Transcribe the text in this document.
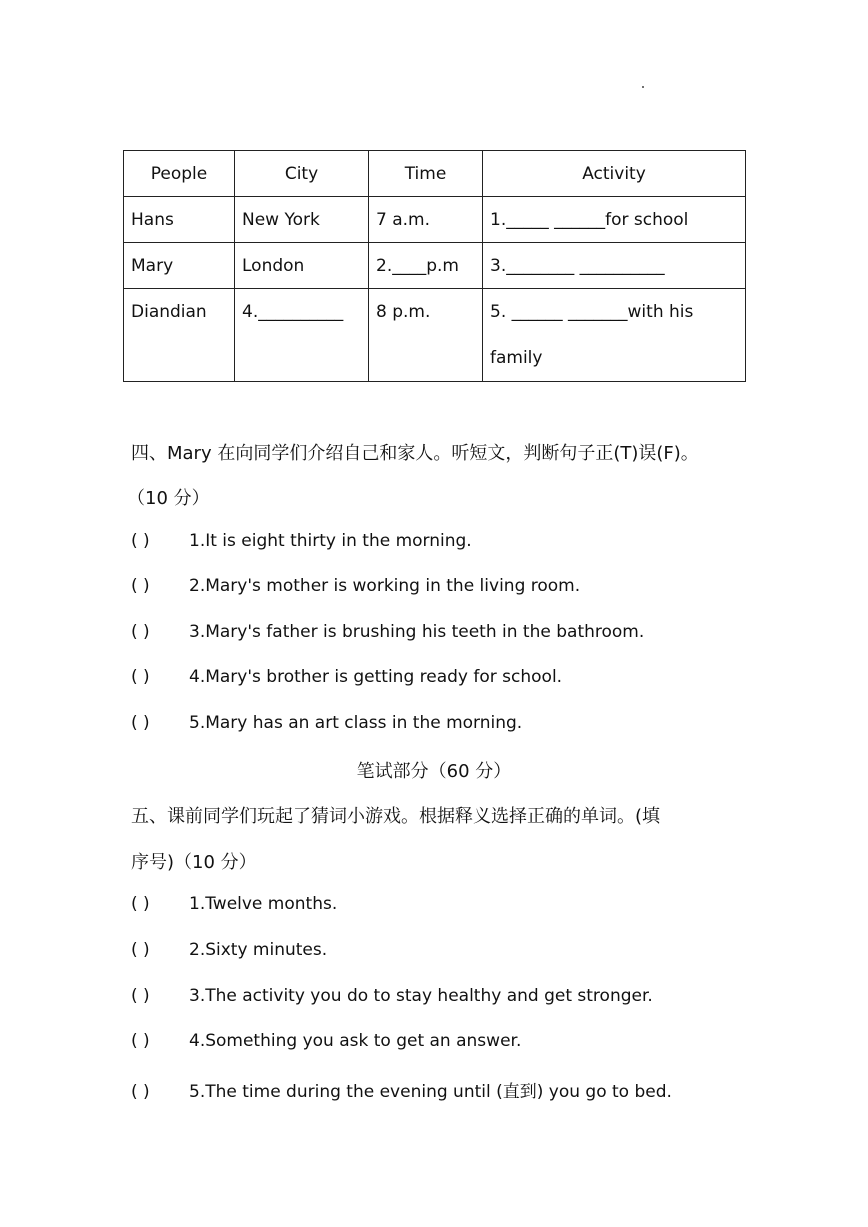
People	City	Time	Activity
Hans	New York	7 a.m.	1._____ ______for school
Mary	London	2.____p.m	3.________ __________
Diandian	4.__________	8 p.m.	5. ______ _______with his family
四、Mary 在向同学们介绍自己和家人。听短文，判断句子正(T)误(F)。
（10 分）
( ) 1.It is eight thirty in the morning.
( ) 2.Mary's mother is working in the living room.
( ) 3.Mary's father is brushing his teeth in the bathroom.
( ) 4.Mary's brother is getting ready for school.
( ) 5.Mary has an art class in the morning.
笔试部分（60 分）
五、课前同学们玩起了猜词小游戏。根据释义选择正确的单词。(填
序号)（10 分）
( ) 1.Twelve months.
( ) 2.Sixty minutes.
( ) 3.The activity you do to stay healthy and get stronger.
( ) 4.Something you ask to get an answer.
( ) 5.The time during the evening until (直到) you go to bed.
